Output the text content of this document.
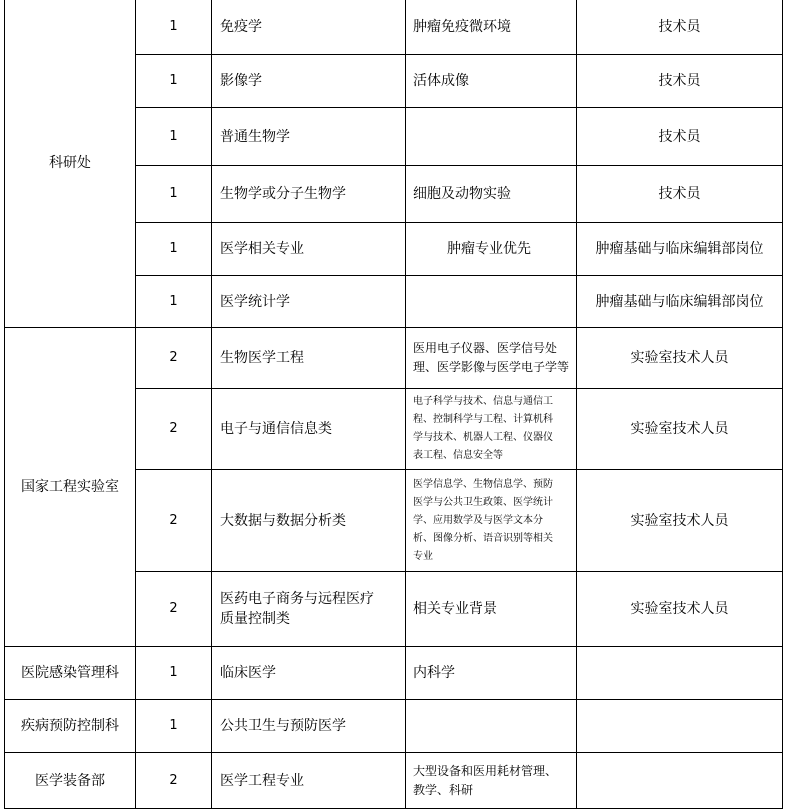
科研处	1	免疫学	肿瘤免疫微环境	技术员
	1	影像学	活体成像	技术员
	1	普通生物学		技术员
	1	生物学或分子生物学	细胞及动物实验	技术员
	1	医学相关专业	肿瘤专业优先	肿瘤基础与临床编辑部岗位
	1	医学统计学		肿瘤基础与临床编辑部岗位
国家工程实验室	2	生物医学工程	医用电子仪器、医学信号处
理、医学影像与医学电子学等	实验室技术人员
	2	电子与通信信息类	电子科学与技术、信息与通信工
程、控制科学与工程、计算机科
学与技术、机器人工程、仪器仪
表工程、信息安全等	实验室技术人员
	2	大数据与数据分析类	医学信息学、生物信息学、预防
医学与公共卫生政策、医学统计
学、应用数学及与医学文本分
析、图像分析、语音识别等相关
专业	实验室技术人员
	2	医药电子商务与远程医疗
质量控制类	相关专业背景	实验室技术人员
医院感染管理科	1	临床医学	内科学	
疾病预防控制科	1	公共卫生与预防医学		
医学装备部	2	医学工程专业	大型设备和医用耗材管理、
教学、科研	
